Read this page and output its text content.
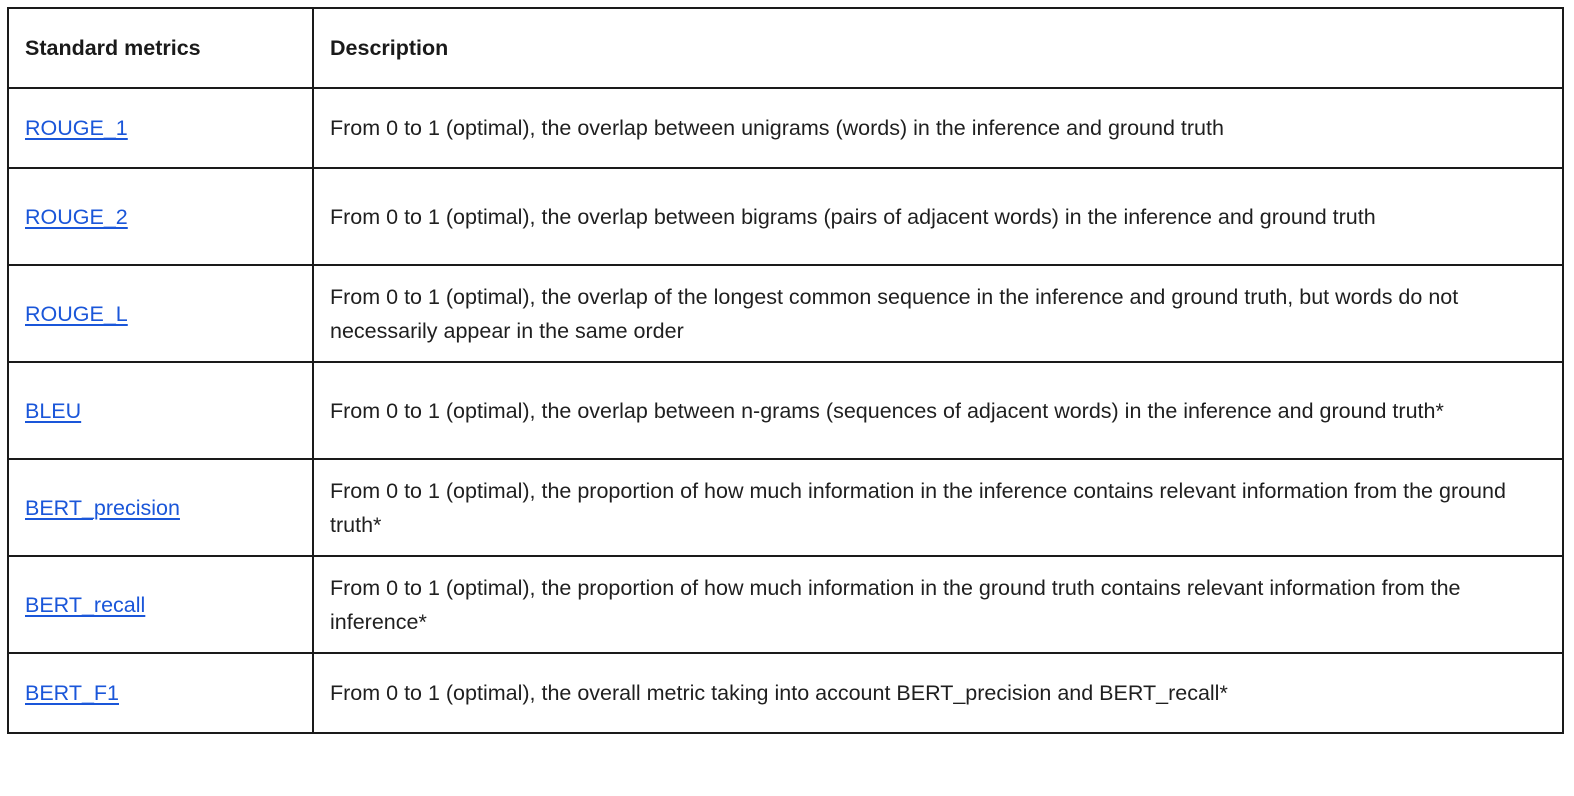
Standard metrics	Description
ROUGE_1	From 0 to 1 (optimal), the overlap between unigrams (words) in the inference and ground truth
ROUGE_2	From 0 to 1 (optimal), the overlap between bigrams (pairs of adjacent words) in the inference and ground truth
ROUGE_L	From 0 to 1 (optimal), the overlap of the longest common sequence in the inference and ground truth, but words do not necessarily appear in the same order
BLEU	From 0 to 1 (optimal), the overlap between n-grams (sequences of adjacent words) in the inference and ground truth*
BERT_precision	From 0 to 1 (optimal), the proportion of how much information in the inference contains relevant information from the ground truth*
BERT_recall	From 0 to 1 (optimal), the proportion of how much information in the ground truth contains relevant information from the inference*
BERT_F1	From 0 to 1 (optimal), the overall metric taking into account BERT_precision and BERT_recall*
